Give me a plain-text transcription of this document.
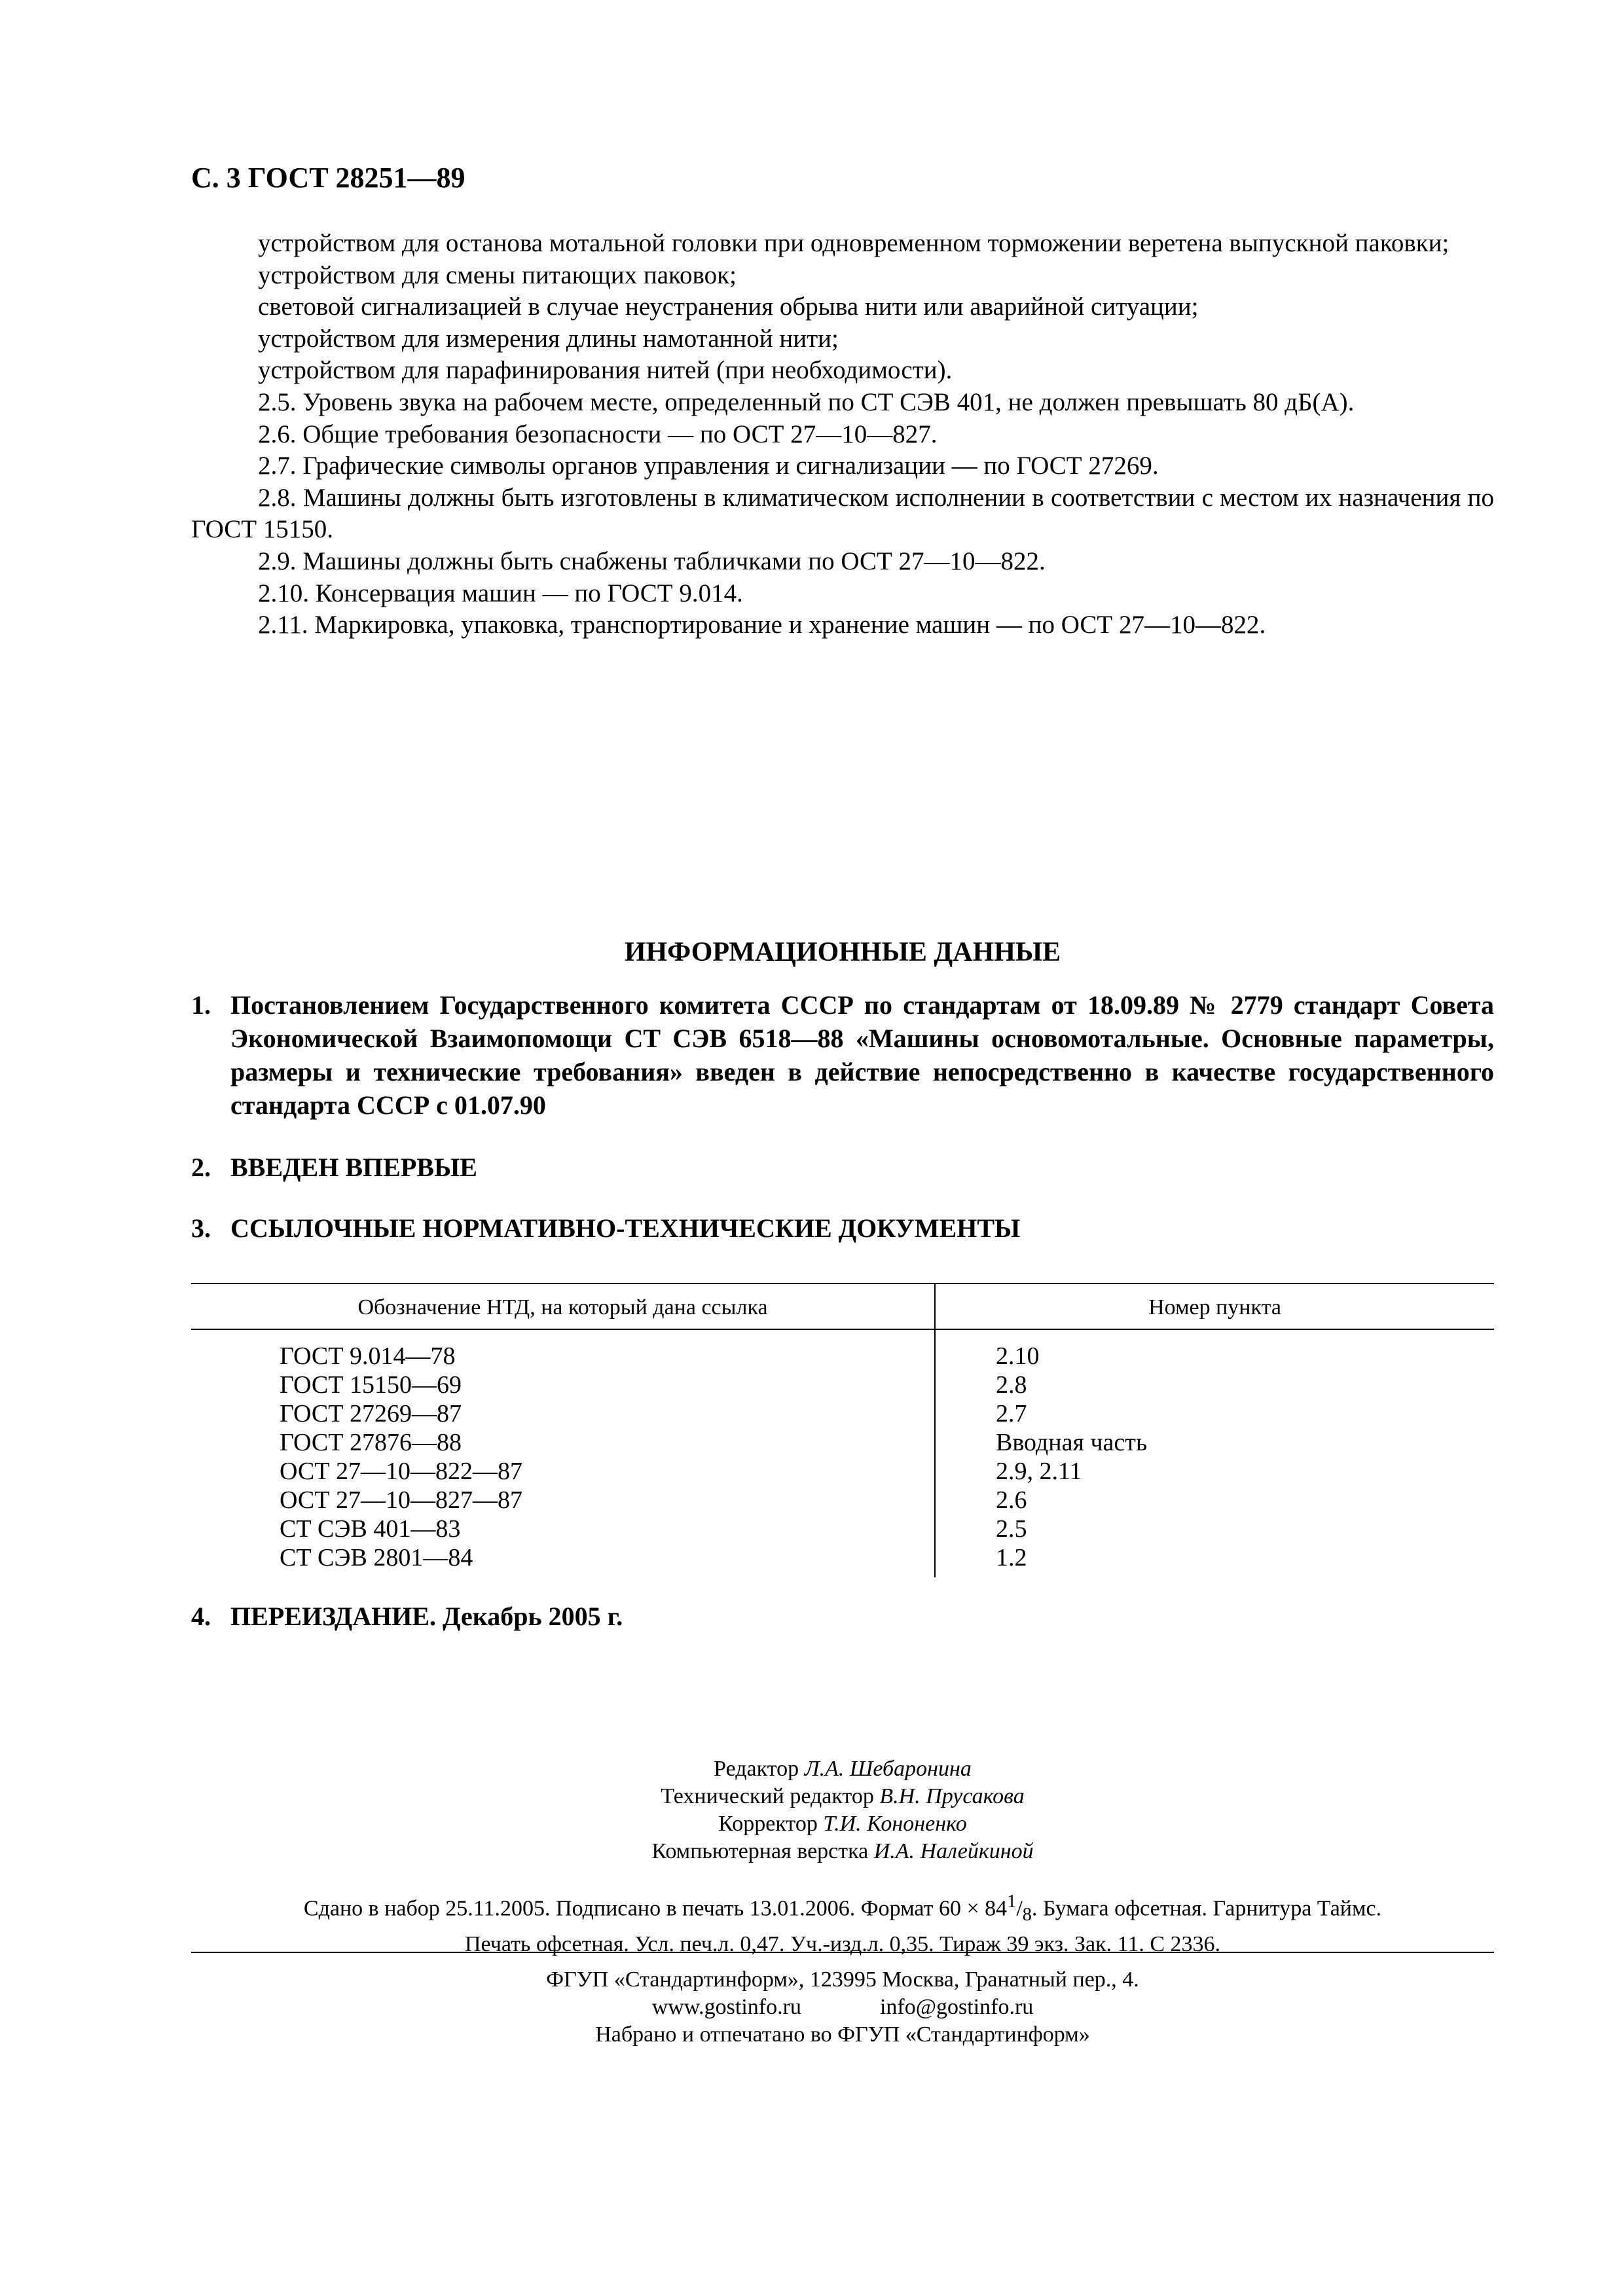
С. 3 ГОСТ 28251—89

устройством для останова мотальной головки при одновременном торможении веретена выпускной паковки;

устройством для смены питающих паковок;

световой сигнализацией в случае неустранения обрыва нити или аварийной ситуации;

устройством для измерения длины намотанной нити;

устройством для парафинирования нитей (при необходимости).

2.5. Уровень звука на рабочем месте, определенный по СТ СЭВ 401, не должен превышать 80 дБ(А).

2.6. Общие требования безопасности — по ОСТ 27—10—827.

2.7. Графические символы органов управления и сигнализации — по ГОСТ 27269.

2.8. Машины должны быть изготовлены в климатическом исполнении в соответствии с местом их назначения по ГОСТ 15150.

2.9. Машины должны быть снабжены табличками по ОСТ 27—10—822.

2.10. Консервация машин — по ГОСТ 9.014.

2.11. Маркировка, упаковка, транспортирование и хранение машин — по ОСТ 27—10—822.

ИНФОРМАЦИОННЫЕ ДАННЫЕ
1. Постановлением Государственного комитета СССР по стандартам от 18.09.89 № 2779 стандарт Совета Экономической Взаимопомощи СТ СЭВ 6518—88 «Машины основомотальные. Основные параметры, размеры и технические требования» введен в действие непосредственно в качестве государственного стандарта СССР с 01.07.90
2. ВВЕДЕН ВПЕРВЫЕ
3. ССЫЛОЧНЫЕ НОРМАТИВНО-ТЕХНИЧЕСКИЕ ДОКУМЕНТЫ
Обозначение НТД, на который дана ссылка	Номер пункта
ГОСТ 9.014—78	2.10
ГОСТ 15150—69	2.8
ГОСТ 27269—87	2.7
ГОСТ 27876—88	Вводная часть
ОСТ 27—10—822—87	2.9, 2.11
ОСТ 27—10—827—87	2.6
СТ СЭВ 401—83	2.5
СТ СЭВ 2801—84	1.2
4. ПЕРЕИЗДАНИЕ. Декабрь 2005 г.
Редактор Л.А. Шебаронина
Технический редактор В.Н. Прусакова
Корректор Т.И. Кононенко
Компьютерная верстка И.А. Налейкиной
Сдано в набор 25.11.2005. Подписано в печать 13.01.2006. Формат $60 \times 84^1/_8$. Бумага офсетная. Гарнитура Таймс.
Печать офсетная. Усл. печ.л. 0,47. Уч.-изд.л. 0,35. Тираж 39 экз. Зак. 11. С 2336.
ФГУП «Стандартинформ», 123995 Москва, Гранатный пер., 4.
www.gostinfo.ru	info@gostinfo.ru
Набрано и отпечатано во ФГУП «Стандартинформ»
